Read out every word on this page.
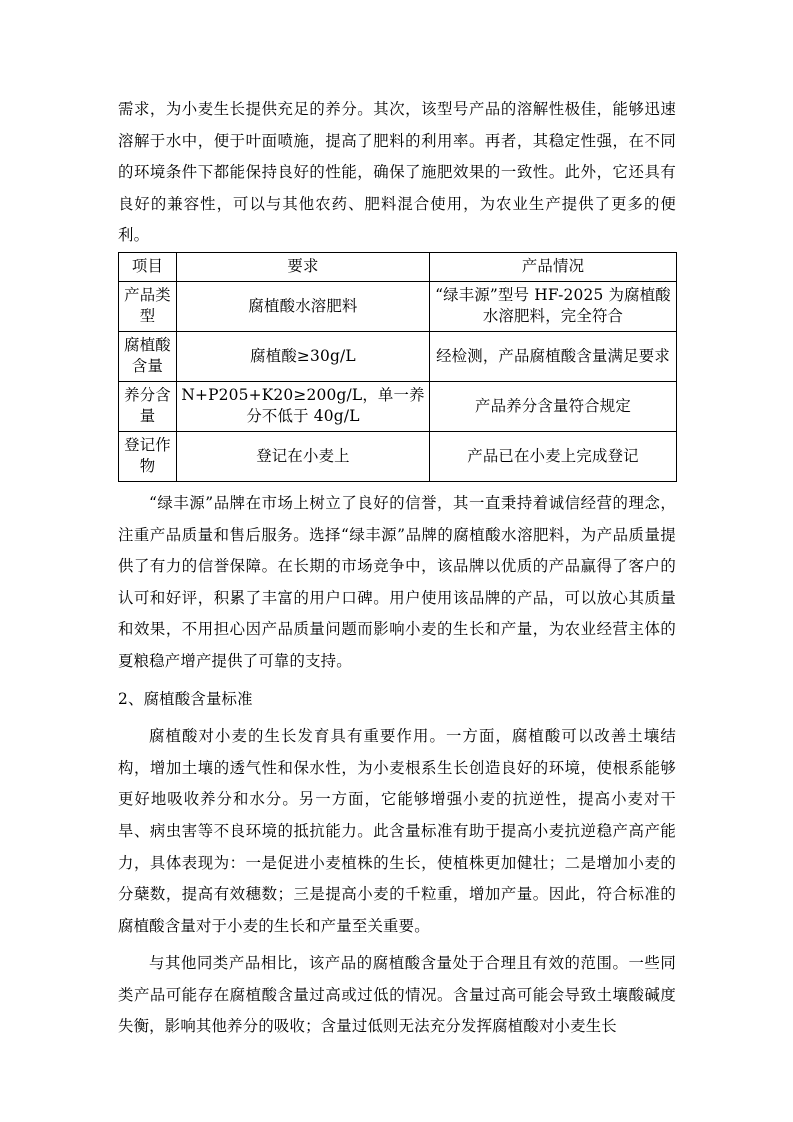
需求，为小麦生长提供充足的养分。其次，该型号产品的溶解性极佳，能够迅速溶解于水中，便于叶面喷施，提高了肥料的利用率。再者，其稳定性强，在不同的环境条件下都能保持良好的性能，确保了施肥效果的一致性。此外，它还具有良好的兼容性，可以与其他农药、肥料混合使用，为农业生产提供了更多的便利。

项目	要求	产品情况
产品类型	腐植酸水溶肥料	“绿丰源”型号 HF-2025 为腐植酸水溶肥料，完全符合
腐植酸含量	腐植酸≥30g/L	经检测，产品腐植酸含量满足要求
养分含量	N+P205+K20≥200g/L，单一养分不低于 40g/L	产品养分含量符合规定
登记作物	登记在小麦上	产品已在小麦上完成登记

“绿丰源”品牌在市场上树立了良好的信誉，其一直秉持着诚信经营的理念，注重产品质量和售后服务。选择“绿丰源”品牌的腐植酸水溶肥料，为产品质量提供了有力的信誉保障。在长期的市场竞争中，该品牌以优质的产品赢得了客户的认可和好评，积累了丰富的用户口碑。用户使用该品牌的产品，可以放心其质量和效果，不用担心因产品质量问题而影响小麦的生长和产量，为农业经营主体的夏粮稳产增产提供了可靠的支持。

2、腐植酸含量标准

腐植酸对小麦的生长发育具有重要作用。一方面，腐植酸可以改善土壤结构，增加土壤的透气性和保水性，为小麦根系生长创造良好的环境，使根系能够更好地吸收养分和水分。另一方面，它能够增强小麦的抗逆性，提高小麦对干旱、病虫害等不良环境的抵抗能力。此含量标准有助于提高小麦抗逆稳产高产能力，具体表现为：一是促进小麦植株的生长，使植株更加健壮；二是增加小麦的分蘖数，提高有效穗数；三是提高小麦的千粒重，增加产量。因此，符合标准的腐植酸含量对于小麦的生长和产量至关重要。

与其他同类产品相比，该产品的腐植酸含量处于合理且有效的范围。一些同类产品可能存在腐植酸含量过高或过低的情况。含量过高可能会导致土壤酸碱度失衡，影响其他养分的吸收；含量过低则无法充分发挥腐植酸对小麦生长
